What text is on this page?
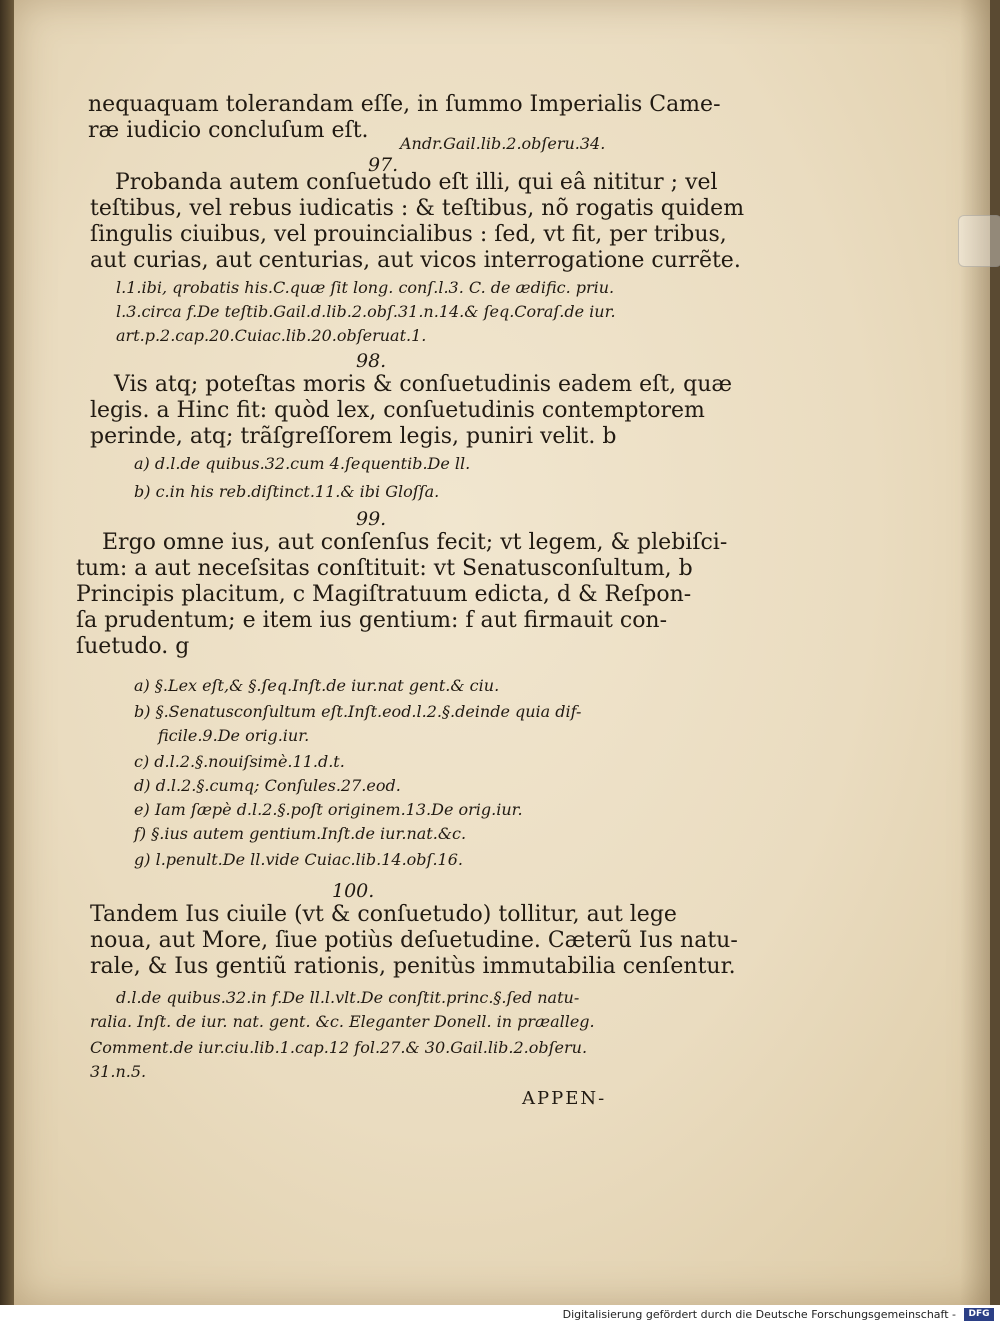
nequaquam tolerandam eſſe, in ſummo Imperialis Came-
ræ iudicio concluſum eſt.
Andr.Gail.lib.2.obſeru.34.
97.
Probanda autem conſuetudo eſt illi, qui eâ nititur ; vel
teſtibus, vel rebus iudicatis : & teſtibus, nõ rogatis quidem
ſingulis ciuibus, vel prouincialibus : ſed, vt fit, per tribus,
aut curias, aut centurias, aut vicos interrogatione currẽte.
l.1.ibi, qrobatis his.C.quæ ſit long. conſ.l.3. C. de ædific. priu.
l.3.circa f.De teſtib.Gail.d.lib.2.obſ.31.n.14.& ſeq.Coraſ.de iur.
art.p.2.cap.20.Cuiac.lib.20.obſeruat.1.
98.
Vis atq; poteſtas moris & conſuetudinis eadem eſt, quæ
legis. a Hinc fit: quòd lex, conſuetudinis contemptorem
perinde, atq; trãſgreſſorem legis, puniri velit. b
a) d.l.de quibus.32.cum 4.ſequentib.De ll.
b) c.in his reb.diſtinct.11.& ibi Gloſſa.
99.
Ergo omne ius, aut conſenſus fecit; vt legem, & plebiſci-
tum: a aut neceſsitas conſtituit: vt Senatusconſultum, b
Principis placitum, c Magiſtratuum edicta, d & Reſpon-
ſa prudentum; e item ius gentium: f aut firmauit con-
ſuetudo. g
a) §.Lex eſt,& §.ſeq.Inſt.de iur.nat gent.& ciu.
b) §.Senatusconſultum eſt.Inſt.eod.l.2.§.deinde quia dif-
ficile.9.De orig.iur.
c) d.l.2.§.nouiſsimè.11.d.t.
d) d.l.2.§.cumq; Conſules.27.eod.
e) Iam ſæpè d.l.2.§.poſt originem.13.De orig.iur.
f) §.ius autem gentium.Inſt.de iur.nat.&c.
g) l.penult.De ll.vide Cuiac.lib.14.obſ.16.
100.
Tandem Ius ciuile (vt & conſuetudo) tollitur, aut lege
noua, aut More, ſiue potiùs deſuetudine. Cæterũ Ius natu-
rale, & Ius gentiũ rationis, penitùs immutabilia cenſentur.
d.l.de quibus.32.in f.De ll.l.vlt.De conſtit.princ.§.ſed natu-
ralia. Inſt. de iur. nat. gent. &c. Eleganter Donell. in præalleg.
Comment.de iur.ciu.lib.1.cap.12 fol.27.& 30.Gail.lib.2.obſeru.
31.n.5.
APPEN-
Digitalisierung gefördert durch die Deutsche Forschungsgemeinschaft -	DFG
